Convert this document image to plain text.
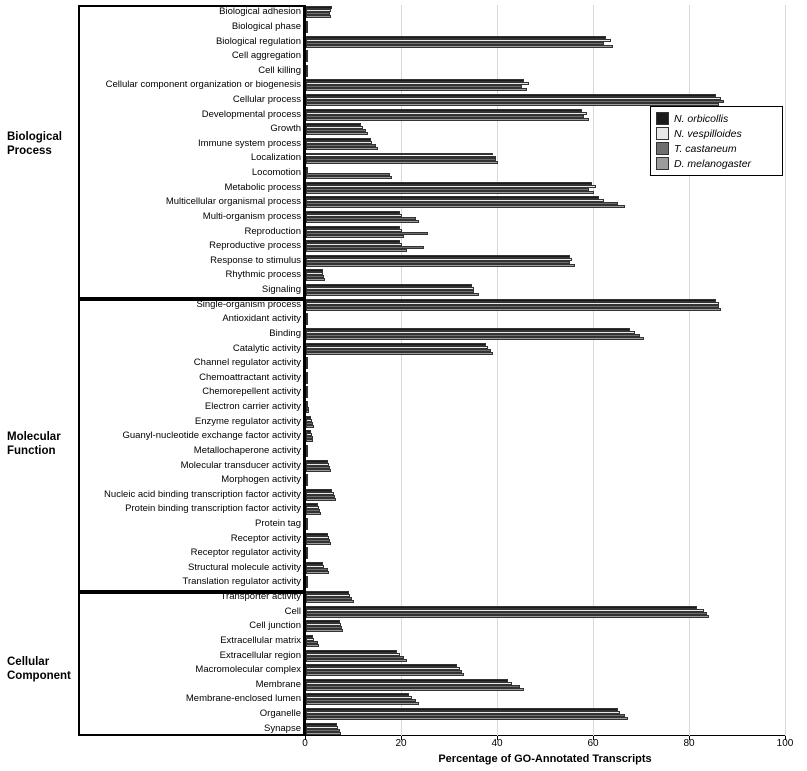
Biological
Process
Molecular
Function
Cellular
Component
Biological adhesion
Biological phase
Biological regulation
Cell aggregation
Cell killing
Cellular component organization or biogenesis
Cellular process
Developmental process
Growth
Immune system process
Localization
Locomotion
Metabolic process
Multicellular organismal process
Multi-organism process
Reproduction
Reproductive process
Response to stimulus
Rhythmic process
Signaling
Single-organism process
Antioxidant activity
Binding
Catalytic activity
Channel regulator activity
Chemoattractant activity
Chemorepellent activity
Electron carrier activity
Enzyme regulator activity
Guanyl-nucleotide exchange factor activity
Metallochaperone activity
Molecular transducer activity
Morphogen activity
Nucleic acid binding transcription factor activity
Protein binding transcription factor activity
Protein tag
Receptor activity
Receptor regulator activity
Structural molecule activity
Translation regulator activity
Transporter activity
Cell
Cell junction
Extracellular matrix
Extracellular region
Macromolecular complex
Membrane
Membrane-enclosed lumen
Organelle
Synapse
0	20	40	60	80	100
Percentage of GO-Annotated Transcripts
N. orbicollis
N. vespilloides
T. castaneum
D. melanogaster
